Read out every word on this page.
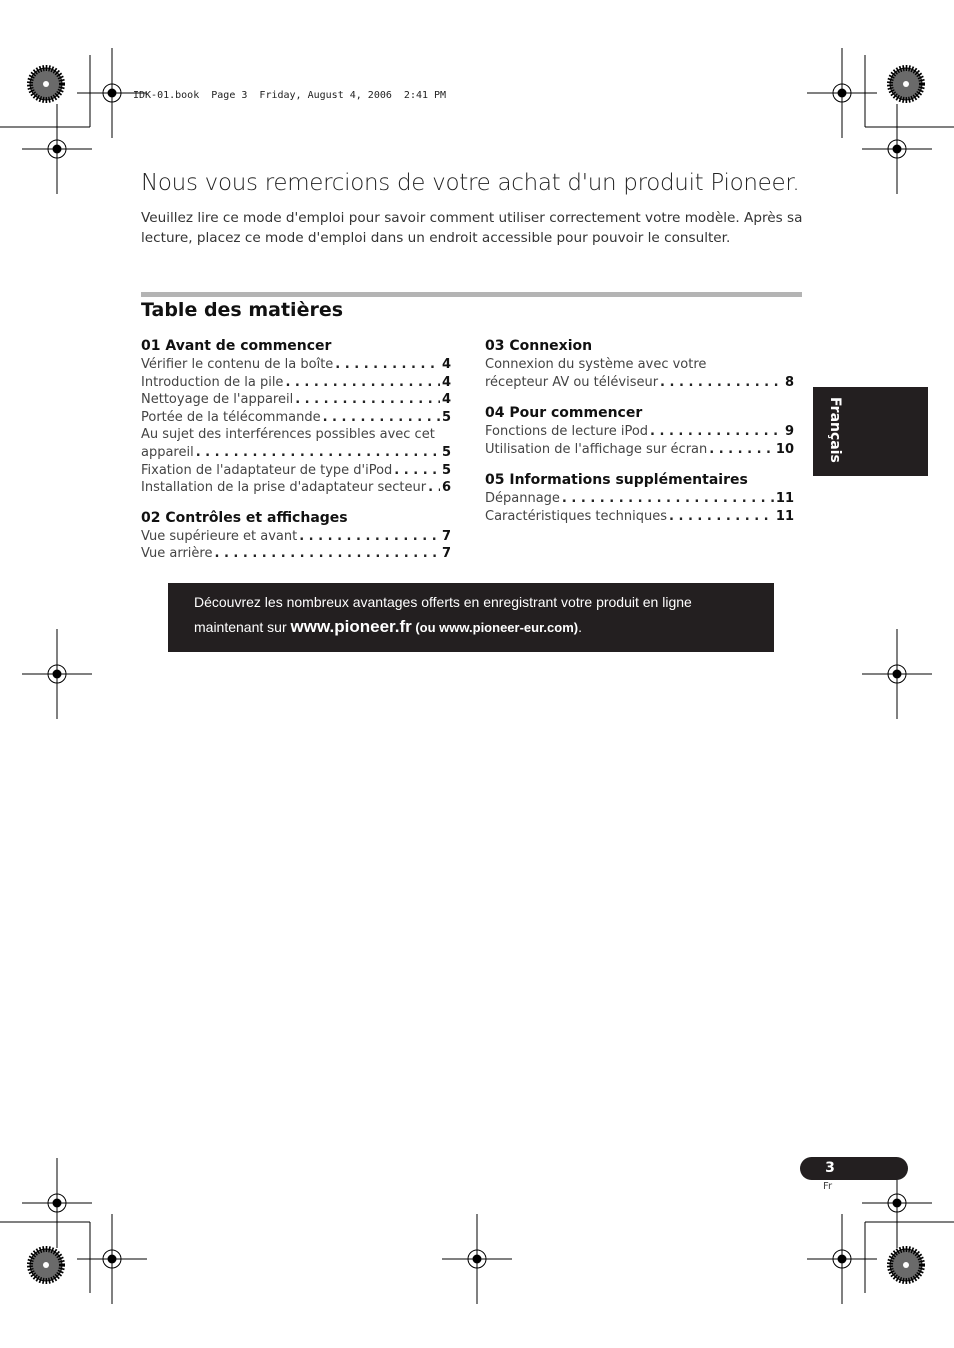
IDK-01.book  Page 3  Friday, August 4, 2006  2:41 PM
Nous vous remercions de votre achat d'un produit Pioneer.
Veuillez lire ce mode d'emploi pour savoir comment utiliser correctement votre modèle. Après sa lecture, placez ce mode d'emploi dans un endroit accessible pour pouvoir le consulter.
Table des matières
01 Avant de commencer
Vérifier le contenu de la boîte . . .	4
Introduction de la pile . . .	4
Nettoyage de l'appareil . . .	4
Portée de la télécommande . . .	5
Au sujet des interférences possibles avec cet
appareil . . .	5
Fixation de l'adaptateur de type d'iPod . . .	5
Installation de la prise d'adaptateur secteur . . . 6
02 Contrôles et affichages
Vue supérieure et avant . . .	7
Vue arrière . . .	7
03 Connexion
Connexion du système avec votre
récepteur AV ou téléviseur . . .	8
04 Pour commencer
Fonctions de lecture iPod . . .	9
Utilisation de l'affichage sur écran . . .	10
05 Informations supplémentaires
Dépannage . . .	11
Caractéristiques techniques . . .	11
Découvrez les nombreux avantages offerts en enregistrant votre produit en ligne
maintenant sur www.pioneer.fr (ou www.pioneer-eur.com).
Français
3
Fr
